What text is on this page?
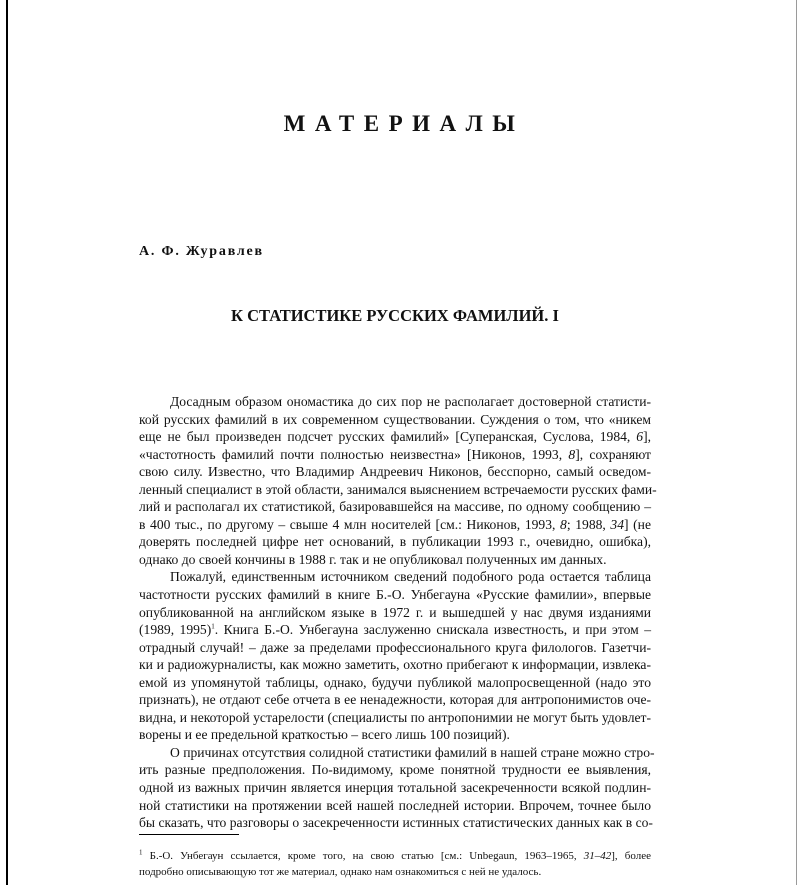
МАТЕРИАЛЫ
А. Ф. Журавлев
К СТАТИСТИКЕ РУССКИХ ФАМИЛИЙ. I
Досадным образом ономастика до сих пор не располагает достоверной статисти-
кой русских фамилий в их современном существовании. Суждения о том, что «никем
еще не был произведен подсчет русских фамилий» [Суперанская, Суслова, 1984, 6],
«частотность фамилий почти полностью неизвестна» [Никонов, 1993, 8], сохраняют
свою силу. Известно, что Владимир Андреевич Никонов, бесспорно, самый осведом-
ленный специалист в этой области, занимался выяснением встречаемости русских фами-
лий и располагал их статистикой, базировавшейся на массиве, по одному сообщению –
в 400 тыс., по другому – свыше 4 млн носителей [см.: Никонов, 1993, 8; 1988, 34] (не
доверять последней цифре нет оснований, в публикации 1993 г., очевидно, ошибка),
однако до своей кончины в 1988 г. так и не опубликовал полученных им данных.
Пожалуй, единственным источником сведений подобного рода остается таблица
частотности русских фамилий в книге Б.-О. Унбегауна «Русские фамилии», впервые
опубликованной на английском языке в 1972 г. и вышедшей у нас двумя изданиями
(1989, 1995)$^1$. Книга Б.-О. Унбегауна заслуженно снискала известность, и при этом –
отрадный случай! – даже за пределами профессионального круга филологов. Газетчи-
ки и радиожурналисты, как можно заметить, охотно прибегают к информации, извлека-
емой из упомянутой таблицы, однако, будучи публикой малопросвещенной (надо это
признать), не отдают себе отчета в ее ненадежности, которая для антропонимистов оче-
видна, и некоторой устарелости (специалисты по антропонимии не могут быть удовлет-
ворены и ее предельной краткостью – всего лишь 100 позиций).
О причинах отсутствия солидной статистики фамилий в нашей стране можно стро-
ить разные предположения. По-видимому, кроме понятной трудности ее выявления,
одной из важных причин является инерция тотальной засекреченности всякой подлин-
ной статистики на протяжении всей нашей последней истории. Впрочем, точнее было
бы сказать, что разговоры о засекреченности истинных статистических данных как в со-
$^1$ Б.-О. Унбегаун ссылается, кроме того, на свою статью [см.: Unbegaun, 1963–1965, 31–42], более
подробно описывающую тот же материал, однако нам ознакомиться с ней не удалось.
